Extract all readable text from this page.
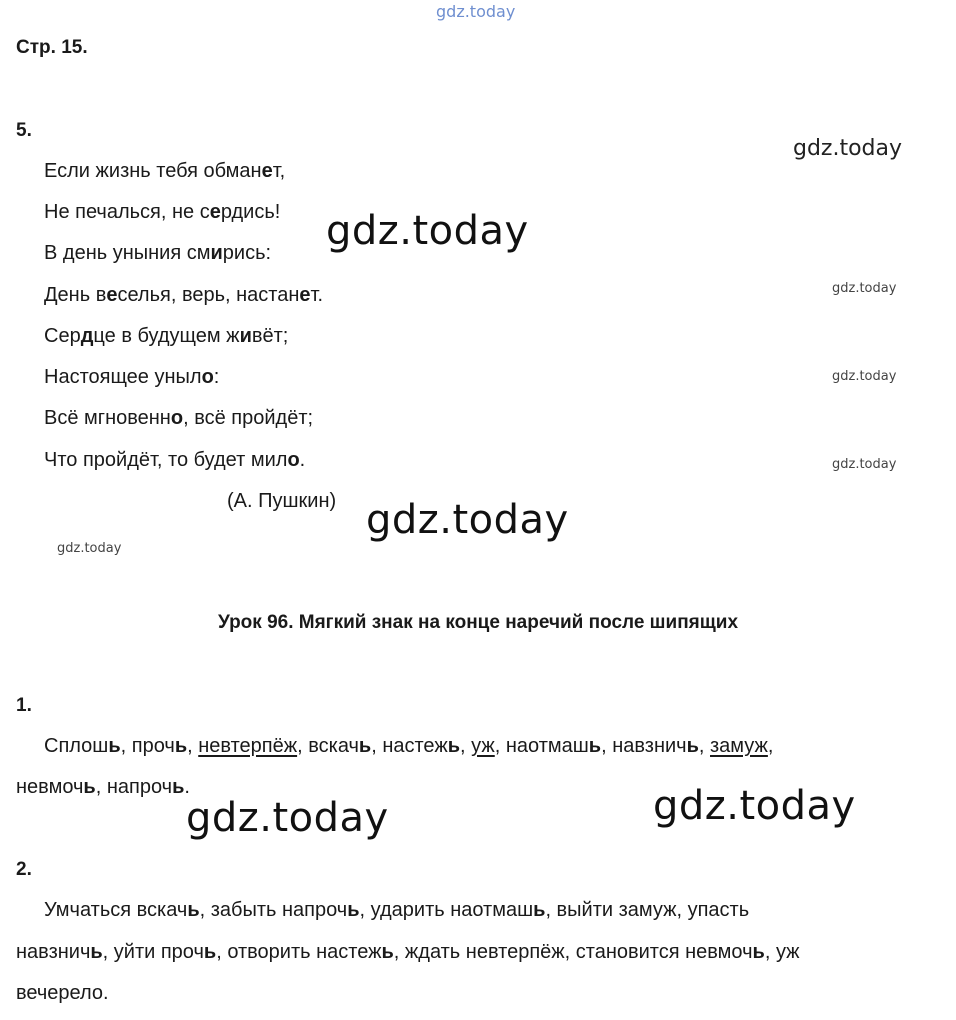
gdz.today
gdz.today
gdz.today
gdz.today
gdz.today
gdz.today
gdz.today
gdz.today
gdz.today	gdz.today
Стр. 15.
5.
Если жизнь тебя обманет,
Не печалься, не сердись!
В день уныния смирись:
День веселья, верь, настанет.
Сердце в будущем живёт;
Настоящее уныло:
Всё мгновенно, всё пройдёт;
Что пройдёт, то будет мило.
(А. Пушкин)
Урок 96. Мягкий знак на конце наречий после шипящих
1.
Сплошь, прочь, невтерпёж, вскачь, настежь, уж, наотмашь, навзничь, замуж,
невмочь, напрочь.
2.
Умчаться вскачь, забыть напрочь, ударить наотмашь, выйти замуж, упасть
навзничь, уйти прочь, отворить настежь, ждать невтерпёж, становится невмочь, уж
вечерело.
